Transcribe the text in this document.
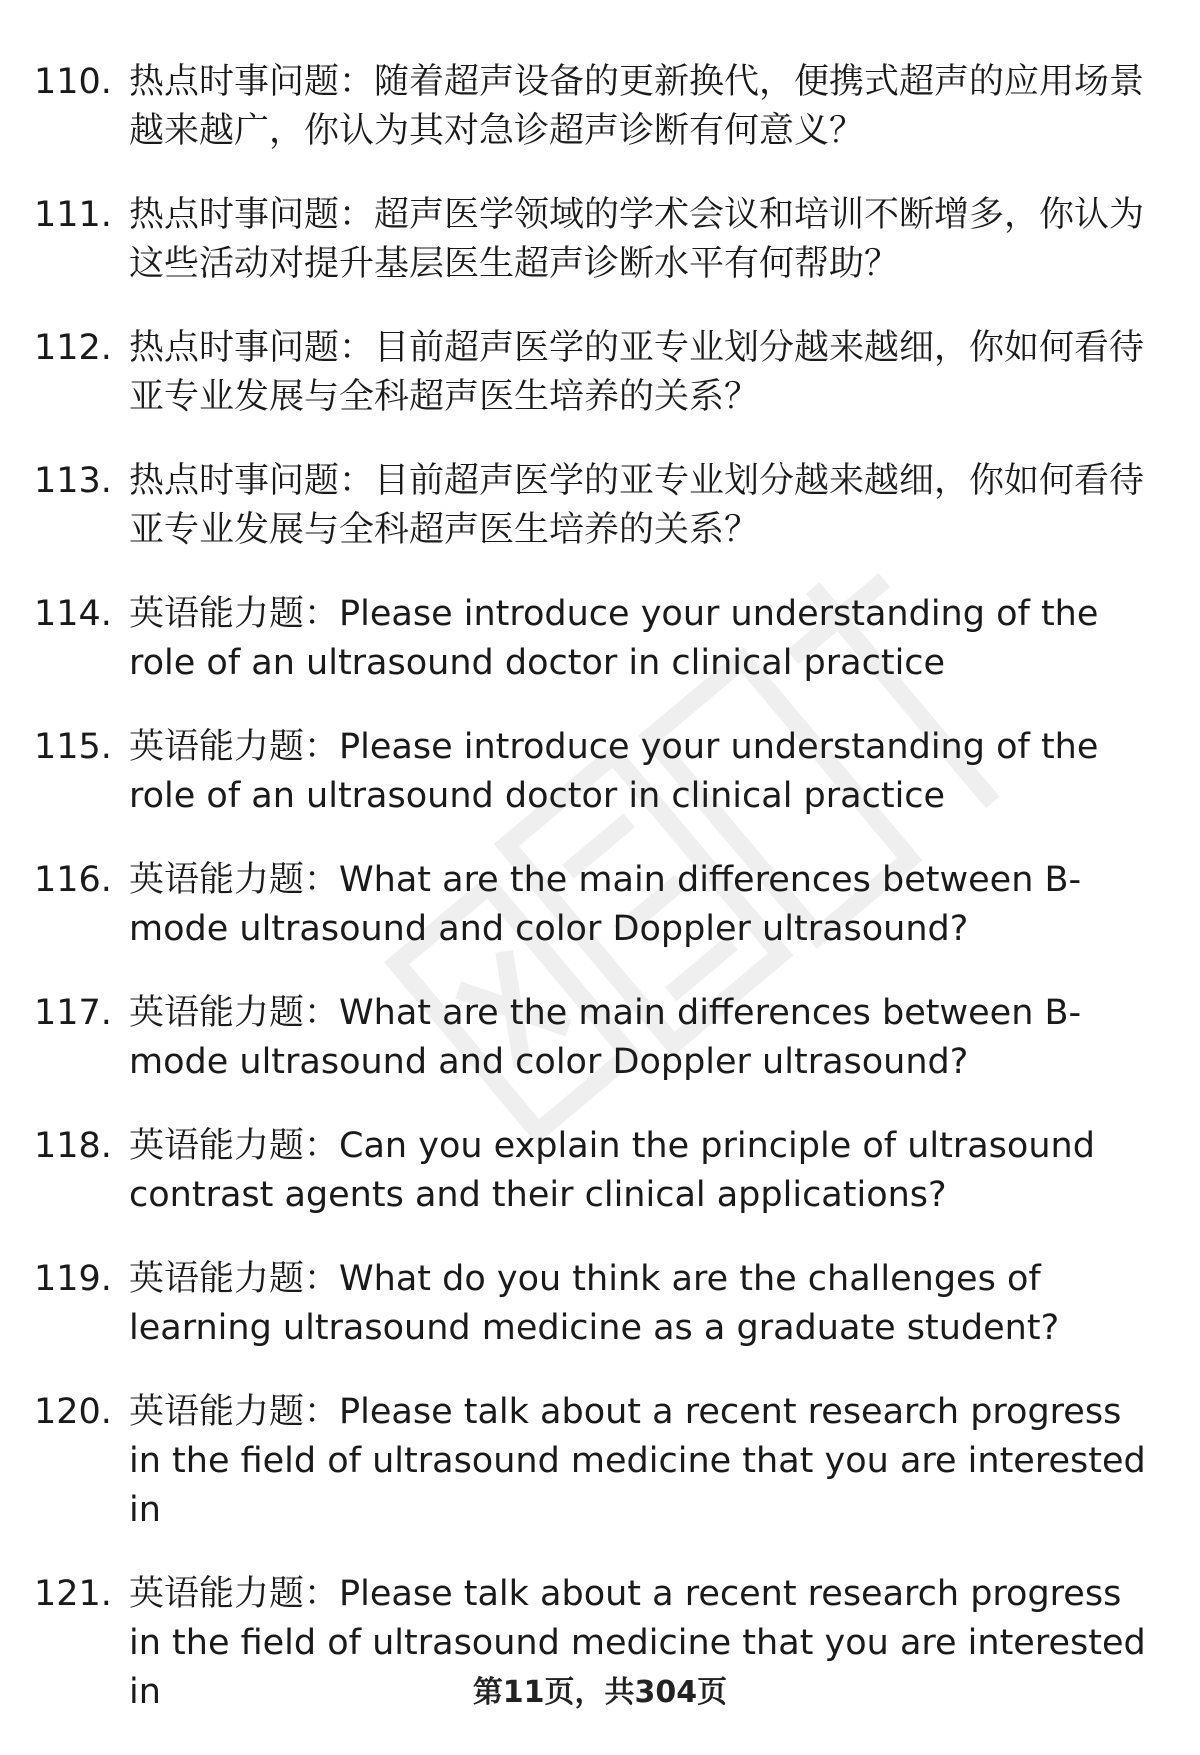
110. 热点时事问题：随着超声设备的更新换代，便携式超声的应用场景越来越广，你认为其对急诊超声诊断有何意义？
111. 热点时事问题：超声医学领域的学术会议和培训不断增多，你认为这些活动对提升基层医生超声诊断水平有何帮助？
112. 热点时事问题：目前超声医学的亚专业划分越来越细，你如何看待亚专业发展与全科超声医生培养的关系？
113. 热点时事问题：目前超声医学的亚专业划分越来越细，你如何看待亚专业发展与全科超声医生培养的关系？
114. 英语能力题：Please introduce your understanding of the role of an ultrasound doctor in clinical practice
115. 英语能力题：Please introduce your understanding of the role of an ultrasound doctor in clinical practice
116. 英语能力题：What are the main differences between B-mode ultrasound and color Doppler ultrasound?
117. 英语能力题：What are the main differences between B-mode ultrasound and color Doppler ultrasound?
118. 英语能力题：Can you explain the principle of ultrasound contrast agents and their clinical applications?
119. 英语能力题：What do you think are the challenges of learning ultrasound medicine as a graduate student?
120. 英语能力题：Please talk about a recent research progress in the field of ultrasound medicine that you are interested in
121. 英语能力题：Please talk about a recent research progress in the field of ultrasound medicine that you are interested in	第11页，共304页
